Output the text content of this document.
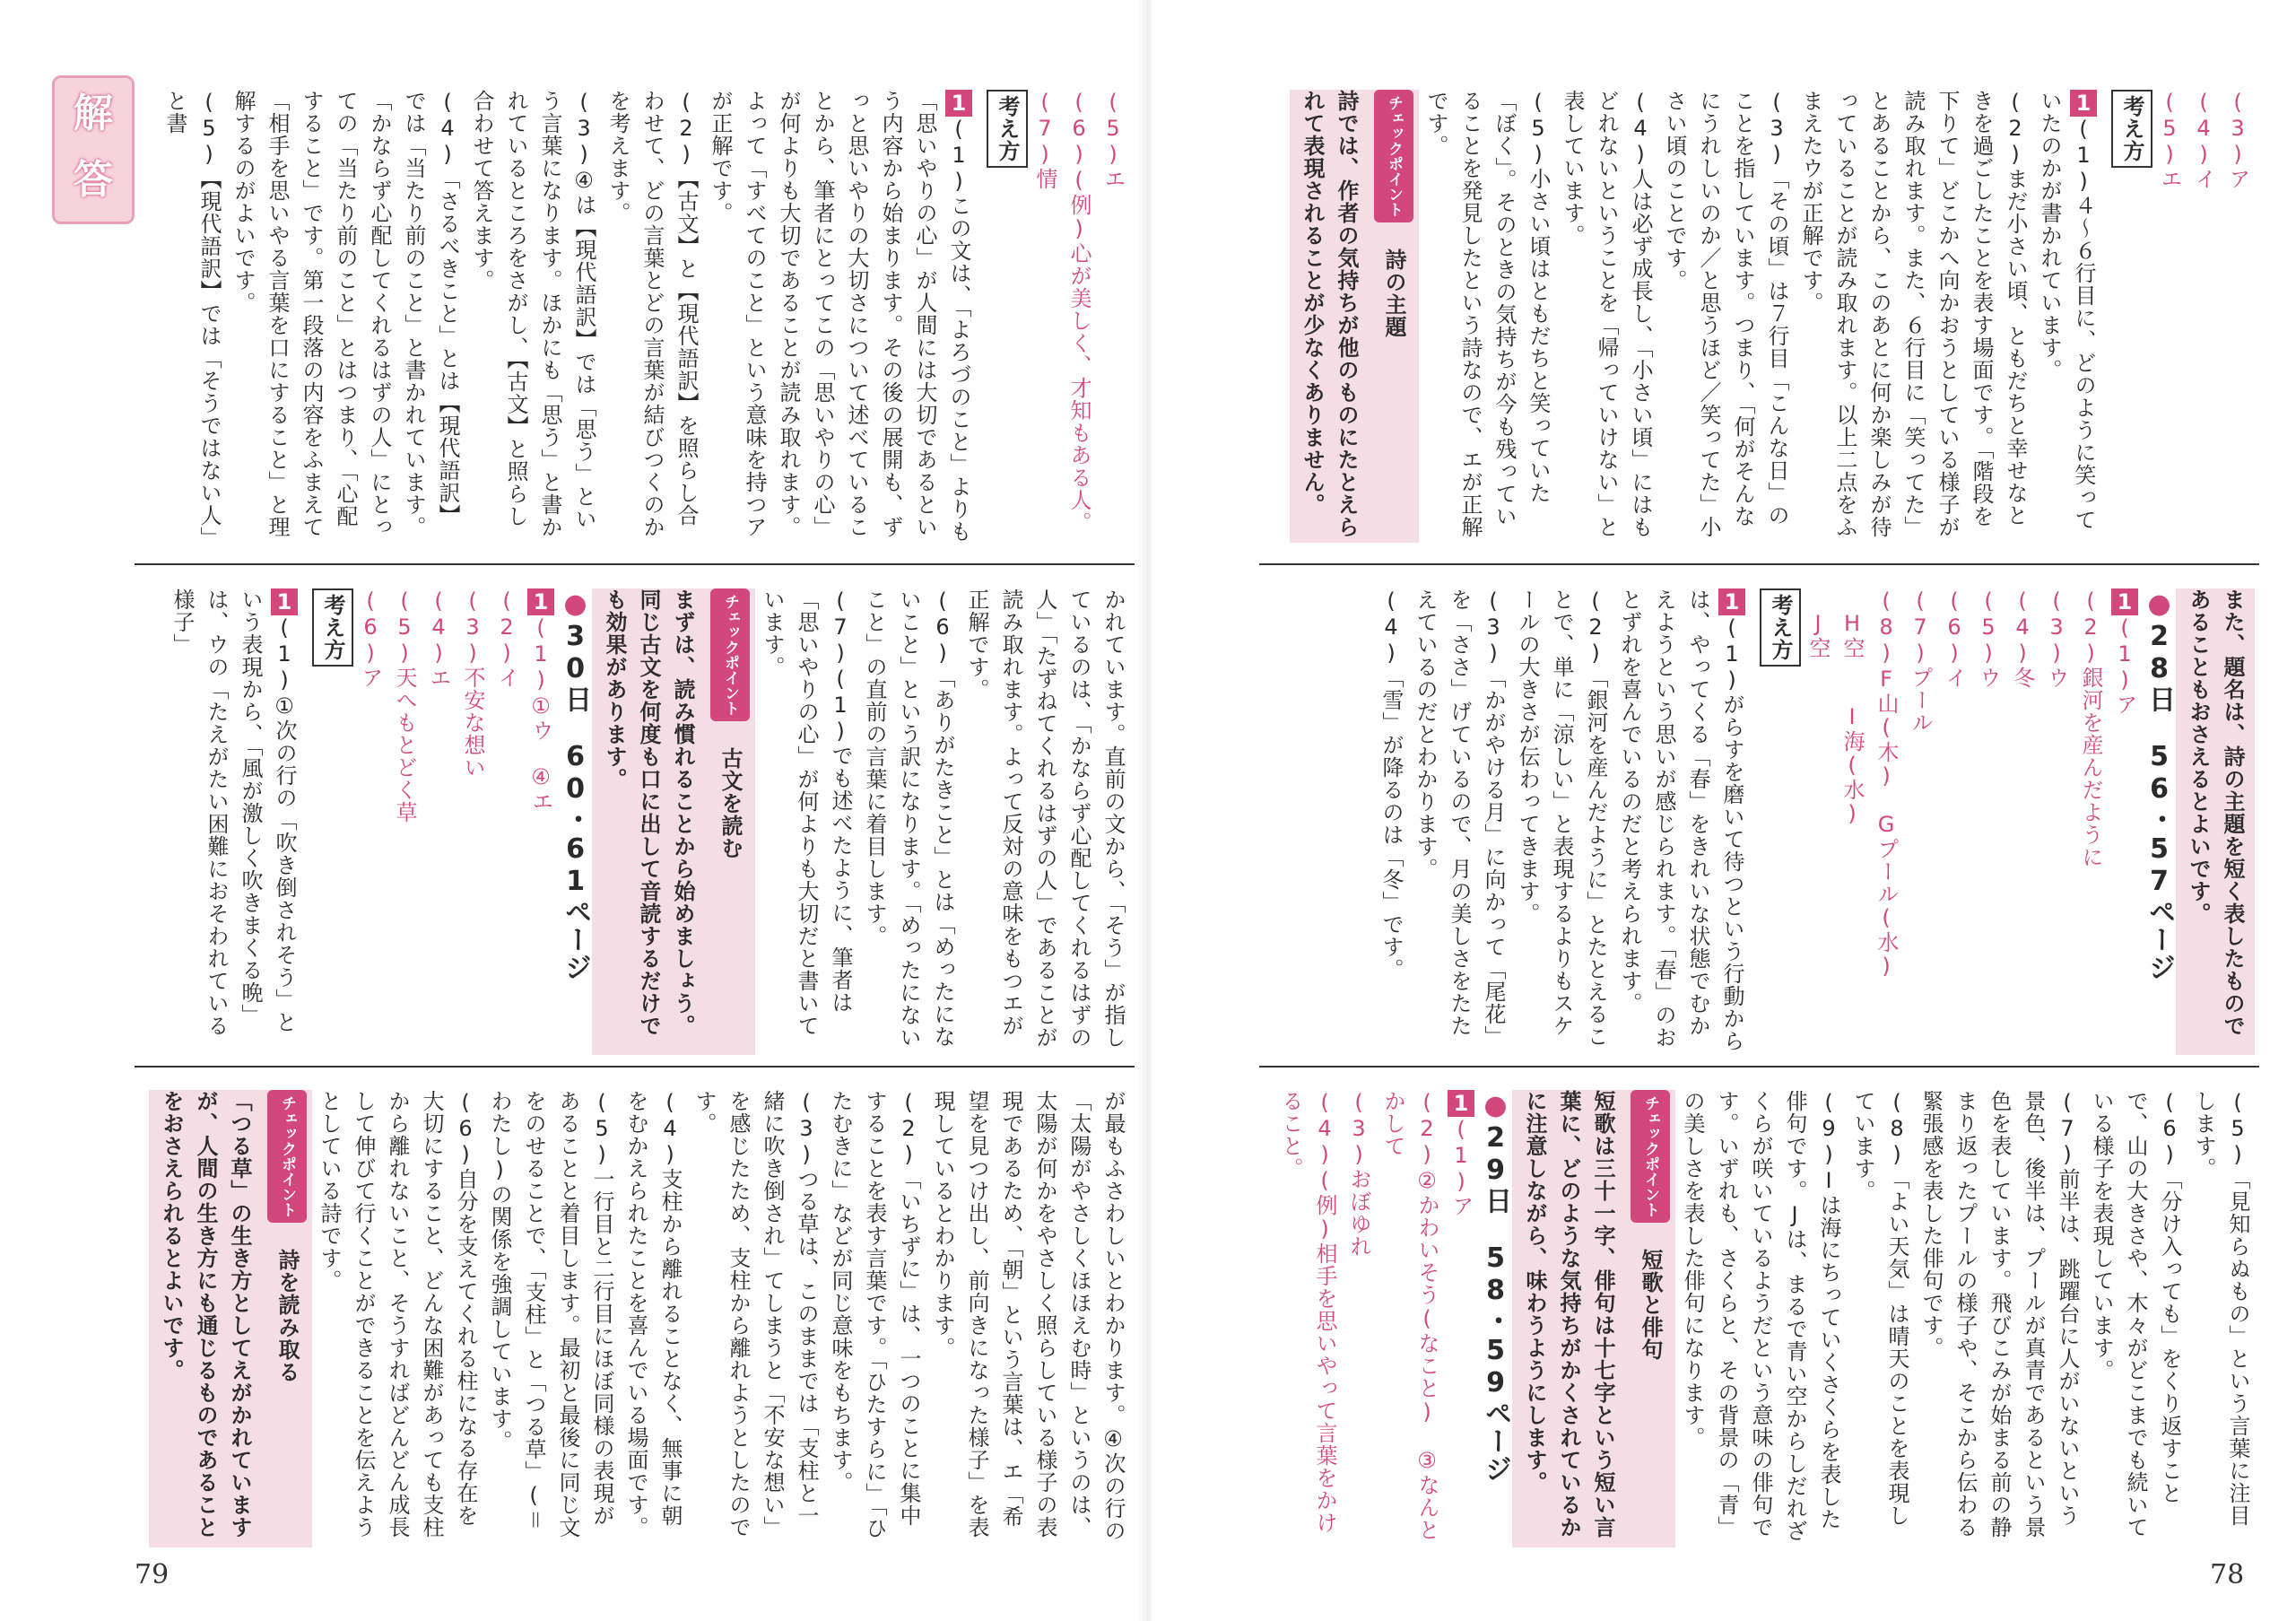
解
答	(5)エ

(6)(例)心が美しく、才知もある人。

(7)情

考え方

1(1)この文は、「よろづのこと」よりも「思いやりの心」が人間には大切であるという内容から始まります。その後の展開も、ずっと思いやりの大切さについて述べていることから、筆者にとってこの「思いやりの心」が何よりも大切であることが読み取れます。よって「すべてのこと」という意味を持つアが正解です。

(2)【古文】と【現代語訳】を照らし合わせて、どの言葉とどの言葉が結びつくのかを考えます。

(3)④は【現代語訳】では「思う」という言葉になります。ほかにも「思う」と書かれているところをさがし、【古文】と照らし合わせて答えます。

(4)「さるべきこと」とは【現代語訳】では「当たり前のこと」と書かれています。「かならず心配してくれるはずの人」にとっての「当たり前のこと」とはつまり、「心配すること」です。第一段落の内容をふまえて「相手を思いやる言葉を口にすること」と理解するのがよいです。

(5)【現代語訳】では「そうではない人」と書

かれています。直前の文から、「そう」が指しているのは、「かならず心配してくれるはずの人」「たずねてくれるはずの人」であることが読み取れます。よって反対の意味をもつエが正解です。

(6)「ありがたきこと」とは「めったにないこと」という訳になります。「めったにないこと」の直前の言葉に着目します。

(7)(1)でも述べたように、筆者は「思いやりの心」が何よりも大切だと書いています。

チェックポイント 古文を読む

まずは、読み慣れることから始めましょう。同じ古文を何度も口に出して音読するだけでも効果があります。

●30日　60・61ページ

1(1)①ウ　④エ

(2)イ

(3)不安な想い

(4)エ

(5)天へもとどく草

(6)ア

考え方

1(1)①次の行の「吹き倒されそう」という表現から、「風が激しく吹きまくる晩」は、ウの「たえがたい困難におそわれている様子」

が最もふさわしいとわかります。④次の行の「太陽がやさしくほほえむ時」というのは、太陽が何かをやさしく照らしている様子の表現であるため、「朝」という言葉は、エ「希望を見つけ出し、前向きになった様子」を表現しているとわかります。

(2)「いちずに」は、一つのことに集中することを表す言葉です。「ひたすらに」「ひたむきに」などが同じ意味をもちます。

(3)つる草は、このままでは「支柱と一緒に吹き倒され」てしまうと「不安な想い」を感じたため、支柱から離れようとしたのです。

(4)支柱から離れることなく、無事に朝をむかえられたことを喜んでいる場面です。

(5)一行目と二行目にほぼ同様の表現があることと着目します。最初と最後に同じ文をのせることで、「支柱」と「つる草」(＝わたし)の関係を強調しています。

(6)自分を支えてくれる柱になる存在を大切にすること、どんな困難があっても支柱から離れないこと、そうすればどんどん成長して伸びて行くことができることを伝えようとしている詩です。

チェックポイント 詩を読み取る

「つる草」の生き方としてえがかれていますが、人間の生き方にも通じるものであることをおさえられるとよいです。

79

(3)ア

(4)イ

(5)エ

考え方

1(1)４〜６行目に、どのように笑っていたのかが書かれています。

(2)まだ小さい頃、ともだちと幸せなときを過ごしたことを表す場面です。「階段を下りて」どこかへ向かおうとしている様子が読み取れます。また、６行目に「笑ってた」とあることから、このあとに何か楽しみが待っていることが読み取れます。以上二点をふまえたウが正解です。

(3)「その頃」は７行目「こんな日」のことを指しています。つまり、「何がそんなにうれしいのか／と思うほど／笑ってた」小さい頃のことです。

(4)人は必ず成長し、「小さい頃」にはもどれないということを「帰っていけない」と表しています。

(5)小さい頃はともだちと笑っていた「ぼく」。そのときの気持ちが今も残っていることを発見したという詩なので、エが正解です。

チェックポイント 詩の主題

詩では、作者の気持ちが他のものにたとえられて表現されることが少なくありません。

また、題名は、詩の主題を短く表したものであることもおさえるとよいです。

●28日　56・57ページ

1(1)ア

(2)銀河を産んだように

(3)ウ

(4)冬

(5)ウ

(6)イ

(7)プール

(8)F山(木)　Gプール(水)

　H空　　I海(水)

　J空

考え方

1(1)がらすを磨いて待つという行動からは、やってくる「春」をきれいな状態でむかえようという思いが感じられます。「春」のおとずれを喜んでいるのだと考えられます。

(2)「銀河を産んだように」とたとえることで、単に「涼しい」と表現するよりもスケールの大きさが伝わってきます。

(3)「かがやける月」に向かって「尾花」を「ささ」げているので、月の美しさをたたえているのだとわかります。

(4)「雪」が降るのは「冬」です。

(5)「見知らぬもの」という言葉に注目します。

(6)「分け入っても」をくり返すことで、山の大きさや、木々がどこまでも続いている様子を表現しています。

(7)前半は、跳躍台に人がいないという景色、後半は、プールが真青であるという景色を表しています。飛びこみが始まる前の静まり返ったプールの様子や、そこから伝わる緊張感を表した俳句です。

(8)「よい天気」は晴天のことを表現しています。

(9)Iは海にちっていくさくらを表した俳句です。Jは、まるで青い空からしだれざくらが咲いているようだという意味の俳句です。いずれも、さくらと、その背景の「青」の美しさを表した俳句になります。

チェックポイント 短歌と俳句

短歌は三十一字、俳句は十七字という短い言葉に、どのような気持ちがかくされているかに注意しながら、味わうようにします。

●29日　58・59ページ

1(1)ア

(2)②かわいそう(なこと)　③なんとかして

(3)おぼゆれ

(4)(例)相手を思いやって言葉をかけること。

78
